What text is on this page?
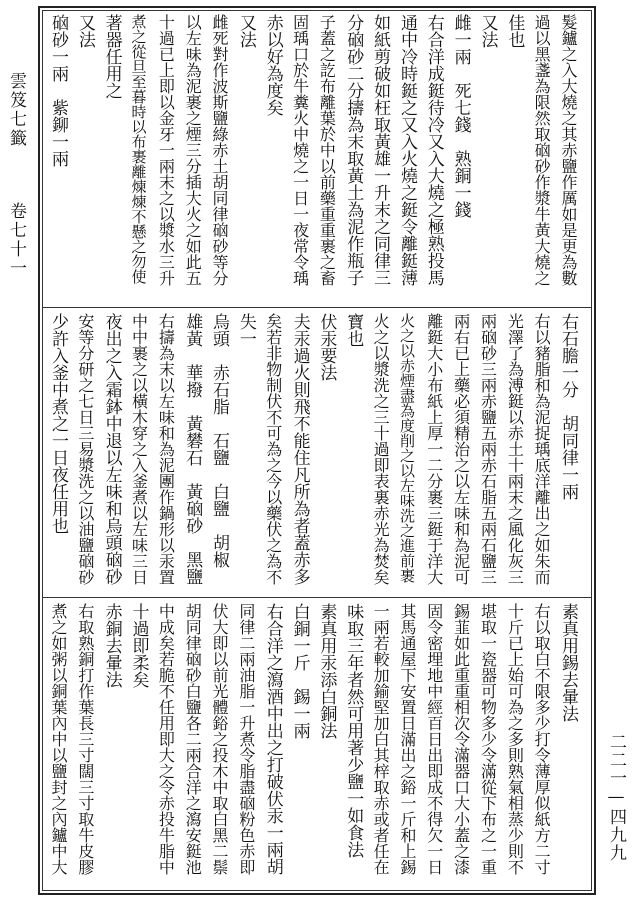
雲笈七籤  卷七十一	髮鑪之入大燒之其赤鹽作厲如是更為數
過以黑盞為限然取硇砂作漿牛黃大燒之
佳也
又法
雌一兩　死七錢　熟銅一錢
右合洋成鋌待冷又入大燒之極熟投馬
通中冷時鋌之又入火燒之鋌令離鋌薄
如紙剪破如枉取黃雄一升末之同律三
分硇砂二分擣為末取黃土為泥作瓶子
子蓋之訖布離葉於中以前藥重重裹之畜
固瑀口於牛糞火中燒之一日一夜常令瑀
赤以好為度矣
又法
雌死對作波斯鹽綠赤土胡同律硇砂等分
以左味為泥裹之煙三分插大火之如此五
十過已上即以金牙一兩末之以漿水三升
煮之從旦至暮時以布裹離煉煉不懸之勿使
著器任用之
又法
硇砂一兩　紫鉚一兩
右石膽一分　胡同律一兩
右以豬脂和為泥捉瑀底洋離出之如朱而
光澤了為溥鋌以赤土十兩末之風化灰三
兩硇砂三兩赤鹽五兩赤石脂五兩石鹽三
兩右已上藥必須精治之以左味和為泥可
離鋌大小布紙上厚一二分裹三鋌于洋大
火之以赤煙盡為度削之以左味洗之進前裹
火之以漿洗之三十過即表裏赤光為焚矣
寶也
伏汞要法
夫汞過火則飛不能住凡所為者蓋赤多
矣若非物制伏不可為之今以藥伏之為不
失一
烏頭　赤石脂　石鹽　白鹽　胡椒
雄黃　華撥　黃礬石　黃硇砂　黑鹽
右擣為末以左味和為泥團作鍋形以汞置
中中裹之以橫木穿之入釜煮以左味三日
夜出之入霜鉢中退以左味和烏頭硇砂
安等分研之七日三易漿洗之以油鹽硇砂
少許入釜中煮之一日夜任用也
素真用錫去暈法
右以取白不限多少打令薄厚似紙方二寸
十斤已上始可為之多則熟氣相蒸少則不
堪取一瓷器可物多少令滿從下布之一重
錫韮如此重重相次令滿器口大小蓋之漆
固令密埋地中經百日出即成不得欠一日
其馬通屋下安置日滿出之鋊一斤和上錫
一兩若較加鍮堅加白其梓取赤或者任在
味取三年者然可用著少鹽一如食法
素真用汞添白銅法
白銅一斤　錫一兩
右合洋之瀉酒中出之打破伏汞一兩胡
同律二兩油脂一升煮令脂盡硇粉色赤即
伏大即以前光體鋊之投木中取白黑二鬃
胡同律硇砂白鹽各二兩合洋之瀉安鋌池
中成矣若脆不任用即大之令赤投牛脂中
十過即柔矣
赤銅去暈法
右取熟銅打作葉長三寸闊三寸取牛皮膠
煮之如粥以銅葉內中以鹽封之內鑪中大	二二一—四九九
